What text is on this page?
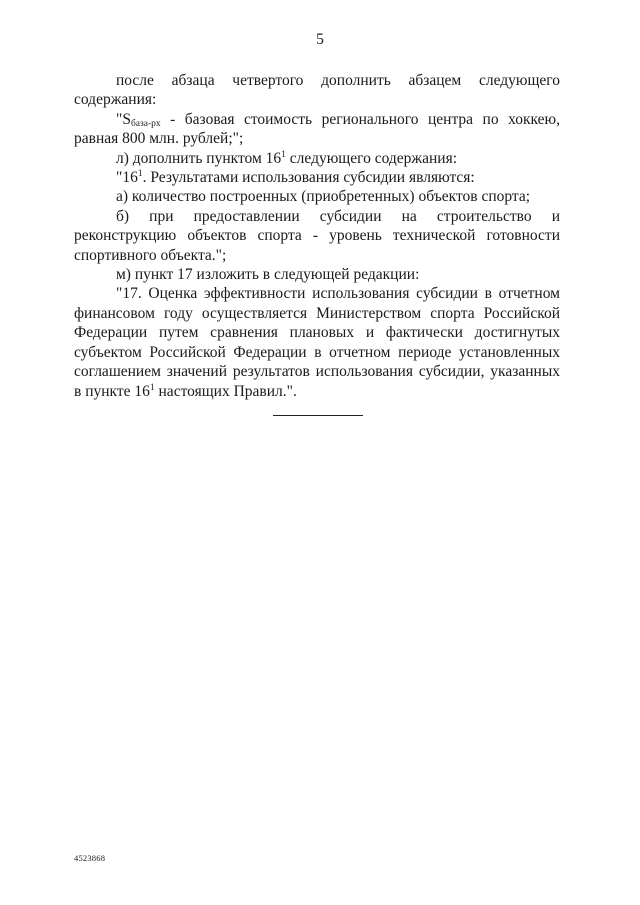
5

после абзаца четвертого дополнить абзацем следующего содержания:

"$S_{база-рх}$ - базовая стоимость регионального центра по хоккею, равная 800 млн. рублей;";

л) дополнить пунктом $16^1$ следующего содержания:

"$16^1$. Результатами использования субсидии являются:

а) количество построенных (приобретенных) объектов спорта;

б) при предоставлении субсидии на строительство и реконструкцию объектов спорта - уровень технической готовности спортивного объекта.";

м) пункт 17 изложить в следующей редакции:

"17. Оценка эффективности использования субсидии в отчетном финансовом году осуществляется Министерством спорта Российской Федерации путем сравнения плановых и фактически достигнутых субъектом Российской Федерации в отчетном периоде установленных соглашением значений результатов использования субсидии, указанных в пункте $16^1$ настоящих Правил.".

4523868
